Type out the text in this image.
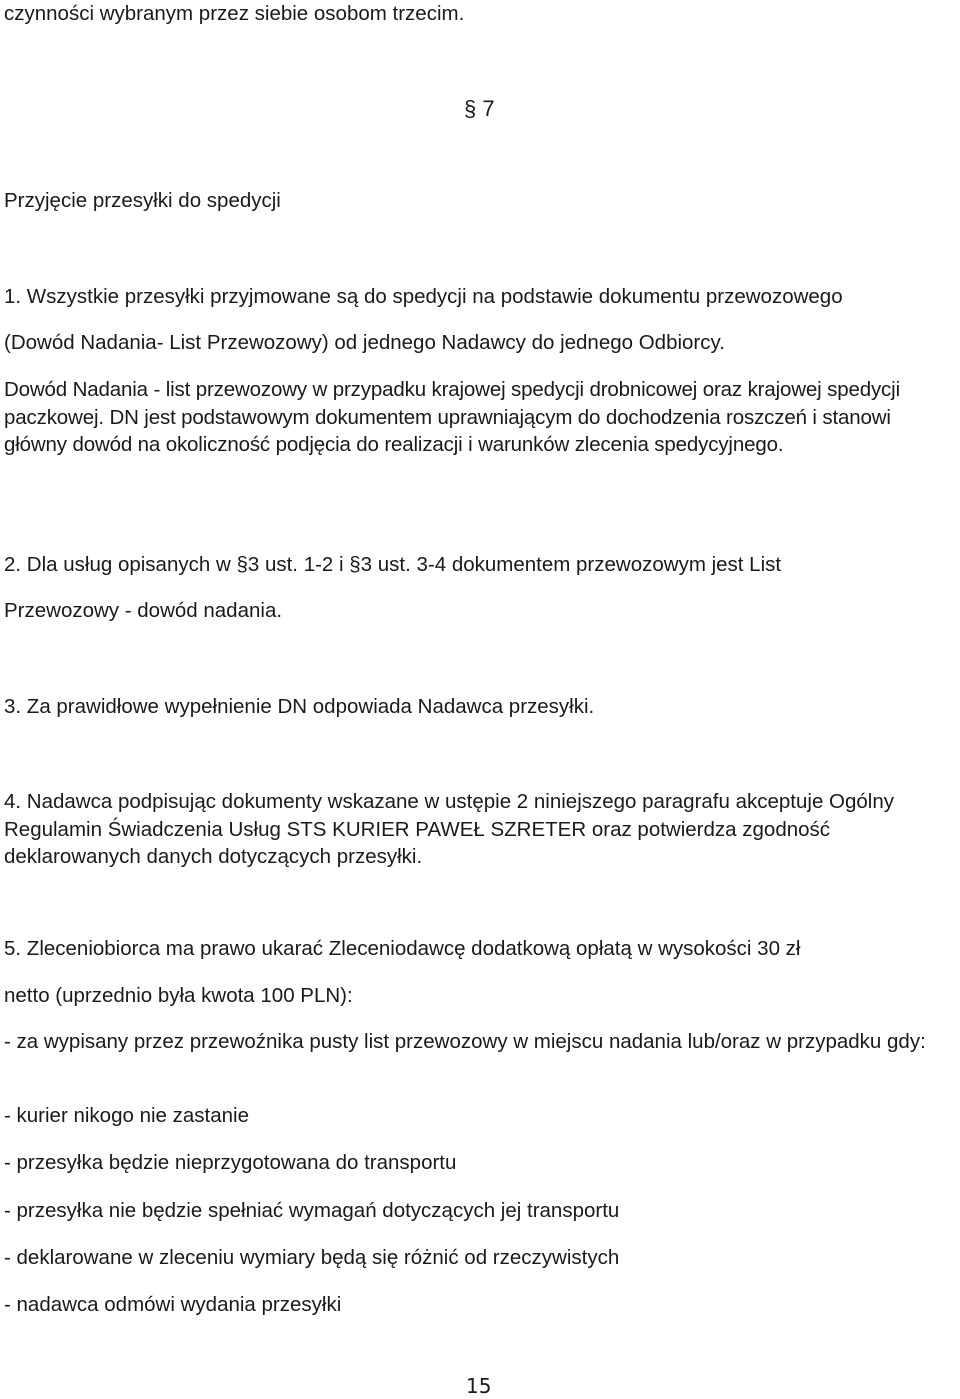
czynności wybranym przez siebie osobom trzecim.
§ 7
Przyjęcie przesyłki do spedycji
1. Wszystkie przesyłki przyjmowane są do spedycji na podstawie dokumentu przewozowego
(Dowód Nadania- List Przewozowy) od jednego Nadawcy do jednego Odbiorcy.
Dowód Nadania - list przewozowy w przypadku krajowej spedycji drobnicowej oraz krajowej spedycji paczkowej. DN jest podstawowym dokumentem uprawniającym do dochodzenia roszczeń i stanowi główny dowód na okoliczność podjęcia do realizacji i warunków zlecenia spedycyjnego.
2. Dla usług opisanych w §3 ust. 1-2 i §3 ust. 3-4 dokumentem przewozowym jest List
Przewozowy - dowód nadania.
3. Za prawidłowe wypełnienie DN odpowiada Nadawca przesyłki.
4. Nadawca podpisując dokumenty wskazane w ustępie 2 niniejszego paragrafu akceptuje Ogólny Regulamin Świadczenia Usług STS KURIER PAWEŁ SZRETER oraz potwierdza zgodność deklarowanych danych dotyczących przesyłki.
5. Zleceniobiorca ma prawo ukarać Zleceniodawcę dodatkową opłatą w wysokości 30 zł
netto (uprzednio była kwota 100 PLN):
- za wypisany przez przewoźnika pusty list przewozowy w miejscu nadania lub/oraz w przypadku gdy:
- kurier nikogo nie zastanie
- przesyłka będzie nieprzygotowana do transportu
- przesyłka nie będzie spełniać wymagań dotyczących jej transportu
- deklarowane w zleceniu wymiary będą się różnić od rzeczywistych
- nadawca odmówi wydania przesyłki
15
